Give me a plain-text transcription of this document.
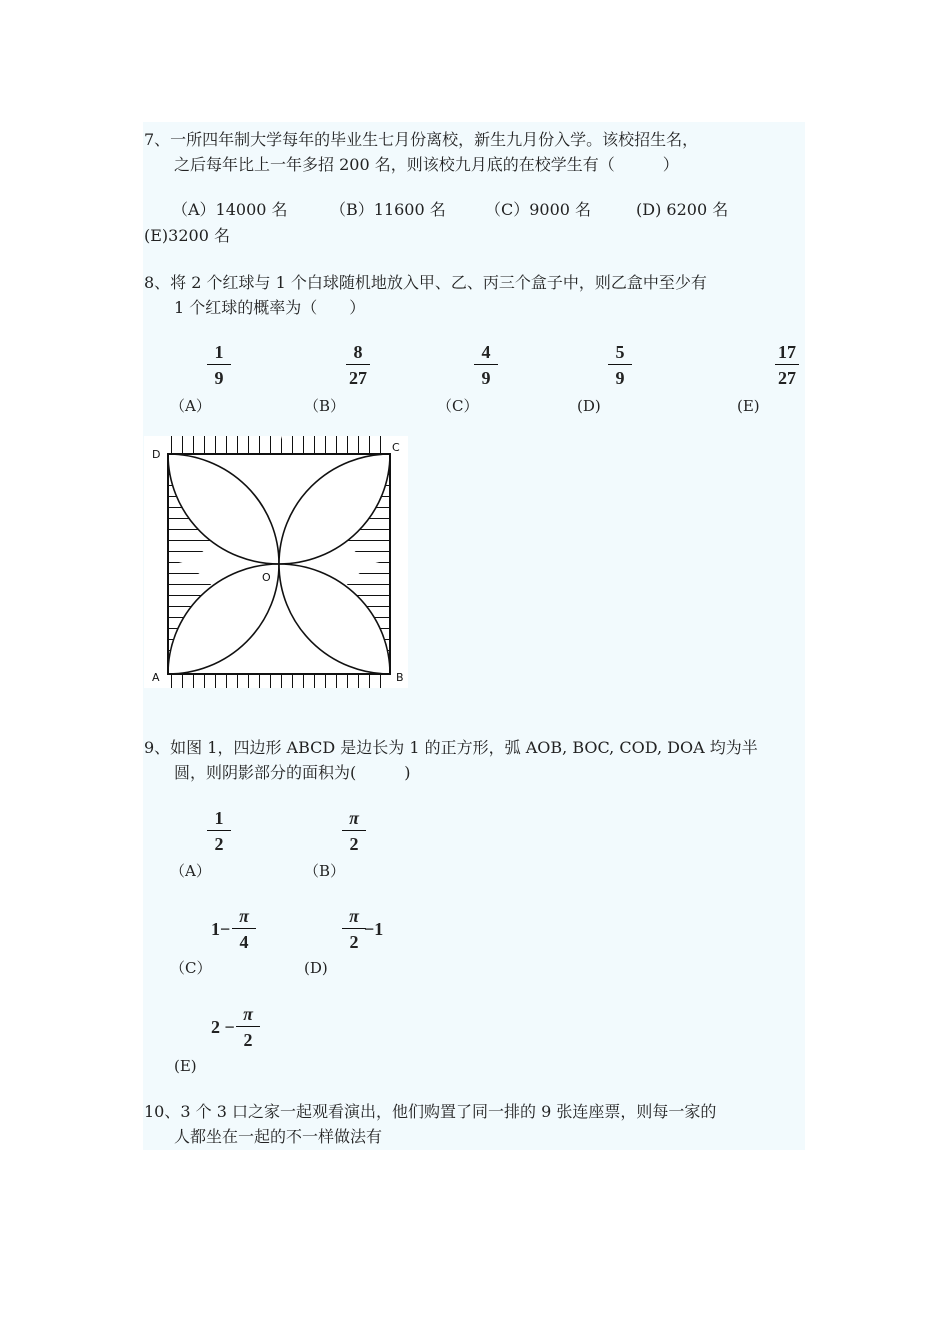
7、一所四年制大学每年的毕业生七月份离校，新生九月份入学。该校招生名，
之后每年比上一年多招 200 名，则该校九月底的在校学生有（　　　）
（A）14000 名	（B）11600 名 （C）9000 名	(D) 6200 名
(E)3200 名
8、将 2 个红球与 1 个白球随机地放入甲、乙、丙三个盒子中，则乙盒中至少有
1 个红球的概率为（　　）
1
9
8
27
4
9
5
9
17
27
（A）	（B）	（C）	(D)	(E)
D
C
A	B
O
9、如图 1，四边形 ABCD 是边长为 1 的正方形，弧 AOB, BOC, COD, DOA 均为半
圆，则阴影部分的面积为(　　　)
1
2
π
2
（A）	（B）
1−
π
4
π
2
−1
（C）	(D)
2 −
π
2
(E)
10、3 个 3 口之家一起观看演出，他们购置了同一排的 9 张连座票，则每一家的
人都坐在一起的不一样做法有
